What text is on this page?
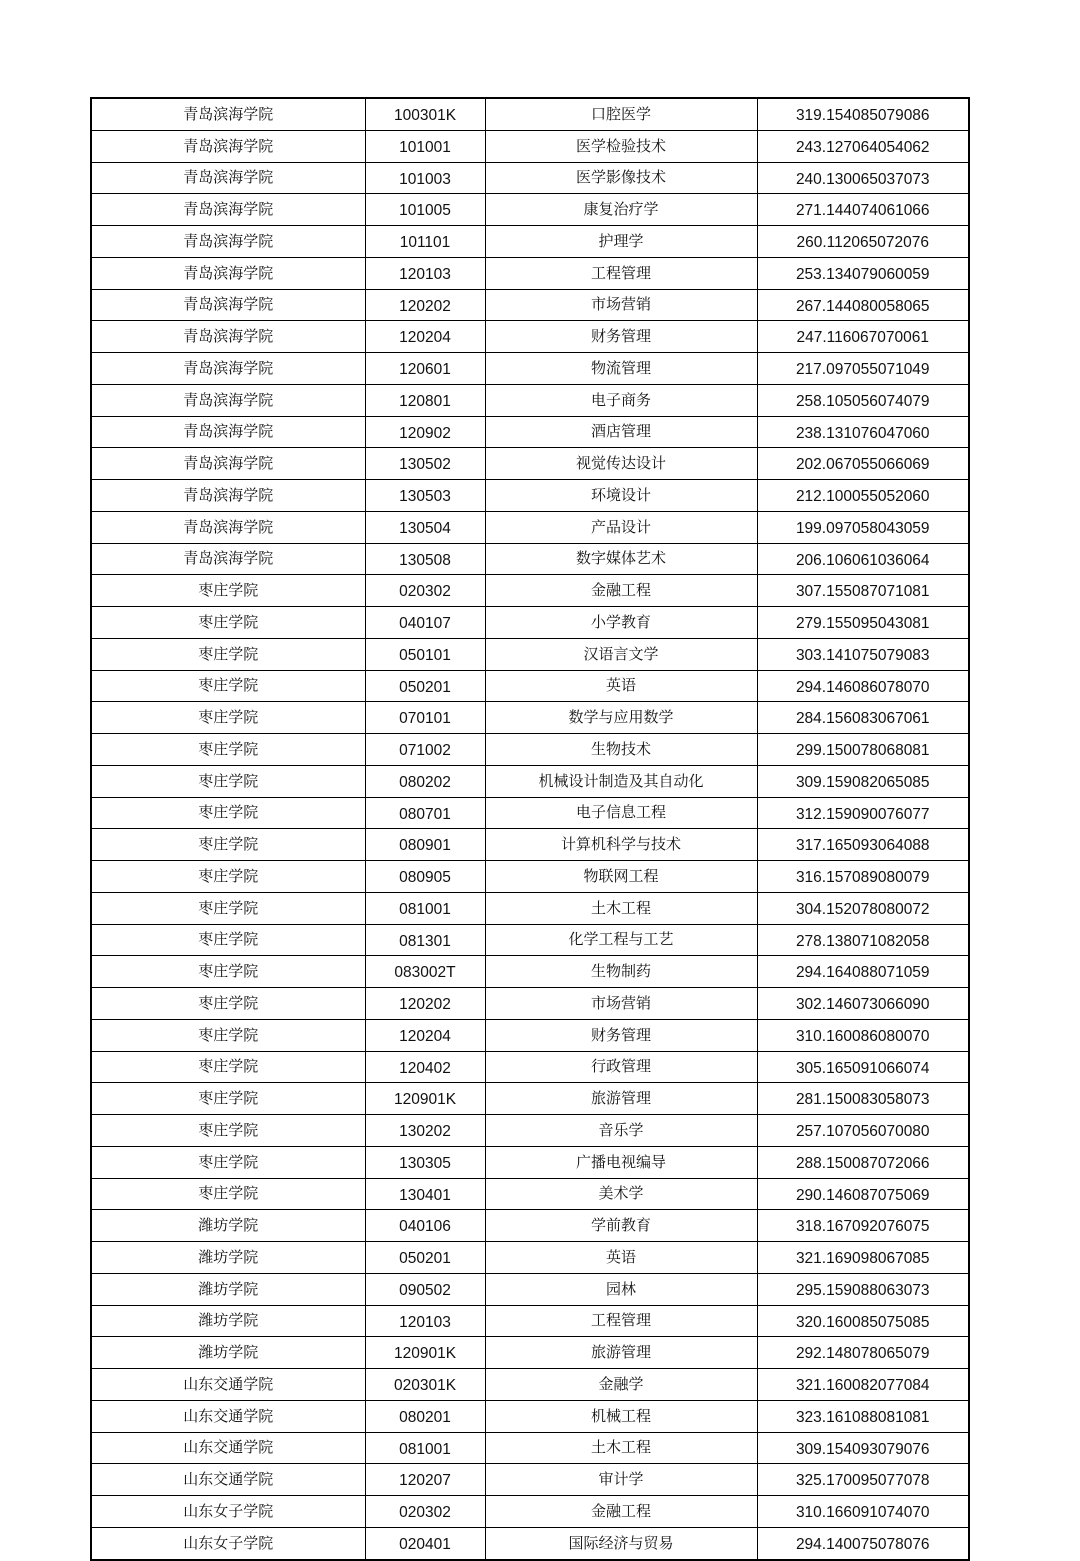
青岛滨海学院	100301K	口腔医学	319.154085079086
青岛滨海学院	101001	医学检验技术	243.127064054062
青岛滨海学院	101003	医学影像技术	240.130065037073
青岛滨海学院	101005	康复治疗学	271.144074061066
青岛滨海学院	101101	护理学	260.112065072076
青岛滨海学院	120103	工程管理	253.134079060059
青岛滨海学院	120202	市场营销	267.144080058065
青岛滨海学院	120204	财务管理	247.116067070061
青岛滨海学院	120601	物流管理	217.097055071049
青岛滨海学院	120801	电子商务	258.105056074079
青岛滨海学院	120902	酒店管理	238.131076047060
青岛滨海学院	130502	视觉传达设计	202.067055066069
青岛滨海学院	130503	环境设计	212.100055052060
青岛滨海学院	130504	产品设计	199.097058043059
青岛滨海学院	130508	数字媒体艺术	206.106061036064
枣庄学院	020302	金融工程	307.155087071081
枣庄学院	040107	小学教育	279.155095043081
枣庄学院	050101	汉语言文学	303.141075079083
枣庄学院	050201	英语	294.146086078070
枣庄学院	070101	数学与应用数学	284.156083067061
枣庄学院	071002	生物技术	299.150078068081
枣庄学院	080202	机械设计制造及其自动化	309.159082065085
枣庄学院	080701	电子信息工程	312.159090076077
枣庄学院	080901	计算机科学与技术	317.165093064088
枣庄学院	080905	物联网工程	316.157089080079
枣庄学院	081001	土木工程	304.152078080072
枣庄学院	081301	化学工程与工艺	278.138071082058
枣庄学院	083002T	生物制药	294.164088071059
枣庄学院	120202	市场营销	302.146073066090
枣庄学院	120204	财务管理	310.160086080070
枣庄学院	120402	行政管理	305.165091066074
枣庄学院	120901K	旅游管理	281.150083058073
枣庄学院	130202	音乐学	257.107056070080
枣庄学院	130305	广播电视编导	288.150087072066
枣庄学院	130401	美术学	290.146087075069
潍坊学院	040106	学前教育	318.167092076075
潍坊学院	050201	英语	321.169098067085
潍坊学院	090502	园林	295.159088063073
潍坊学院	120103	工程管理	320.160085075085
潍坊学院	120901K	旅游管理	292.148078065079
山东交通学院	020301K	金融学	321.160082077084
山东交通学院	080201	机械工程	323.161088081081
山东交通学院	081001	土木工程	309.154093079076
山东交通学院	120207	审计学	325.170095077078
山东女子学院	020302	金融工程	310.166091074070
山东女子学院	020401	国际经济与贸易	294.140075078076
